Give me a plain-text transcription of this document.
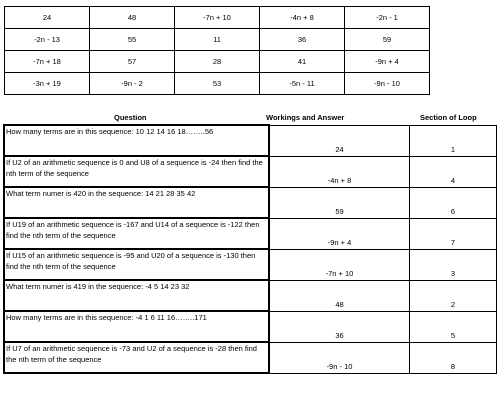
24	48	-7n + 10	-4n + 8	-2n - 1
-2n - 13	55	11	36	59
-7n + 18	57	28	41	-9n + 4
-3n + 19	-9n - 2	53	-5n - 11	-9n - 10
Question	Workings and Answer	Section of Loop
How many terms are in this sequence: 10 12 14 16 18……..56	24	1
If U2 of an arithmetic sequence is 0 and U8 of a sequence is -24 then find the nth term of the sequence	-4n + 8	4
What term numer is 420 in the sequence: 14 21 28 35 42	59	6
If U19 of an arithmetic sequence is -167 and U14 of a sequence is -122 then find the nth term of the sequence	-9n + 4	7
If U15 of an arithmetic sequence is -95 and U20 of a sequence is -130 then find the nth term of the sequence	-7n + 10	3
What term numer is 419 in the sequence: -4 5 14 23 32	48	2
How many terms are in this sequence: -4 1 6 11 16……..171	36	5
If U7 of an arithmetic sequence is -73 and U2 of a sequence is -28 then find the nth term of the sequence	-9n - 10	8
